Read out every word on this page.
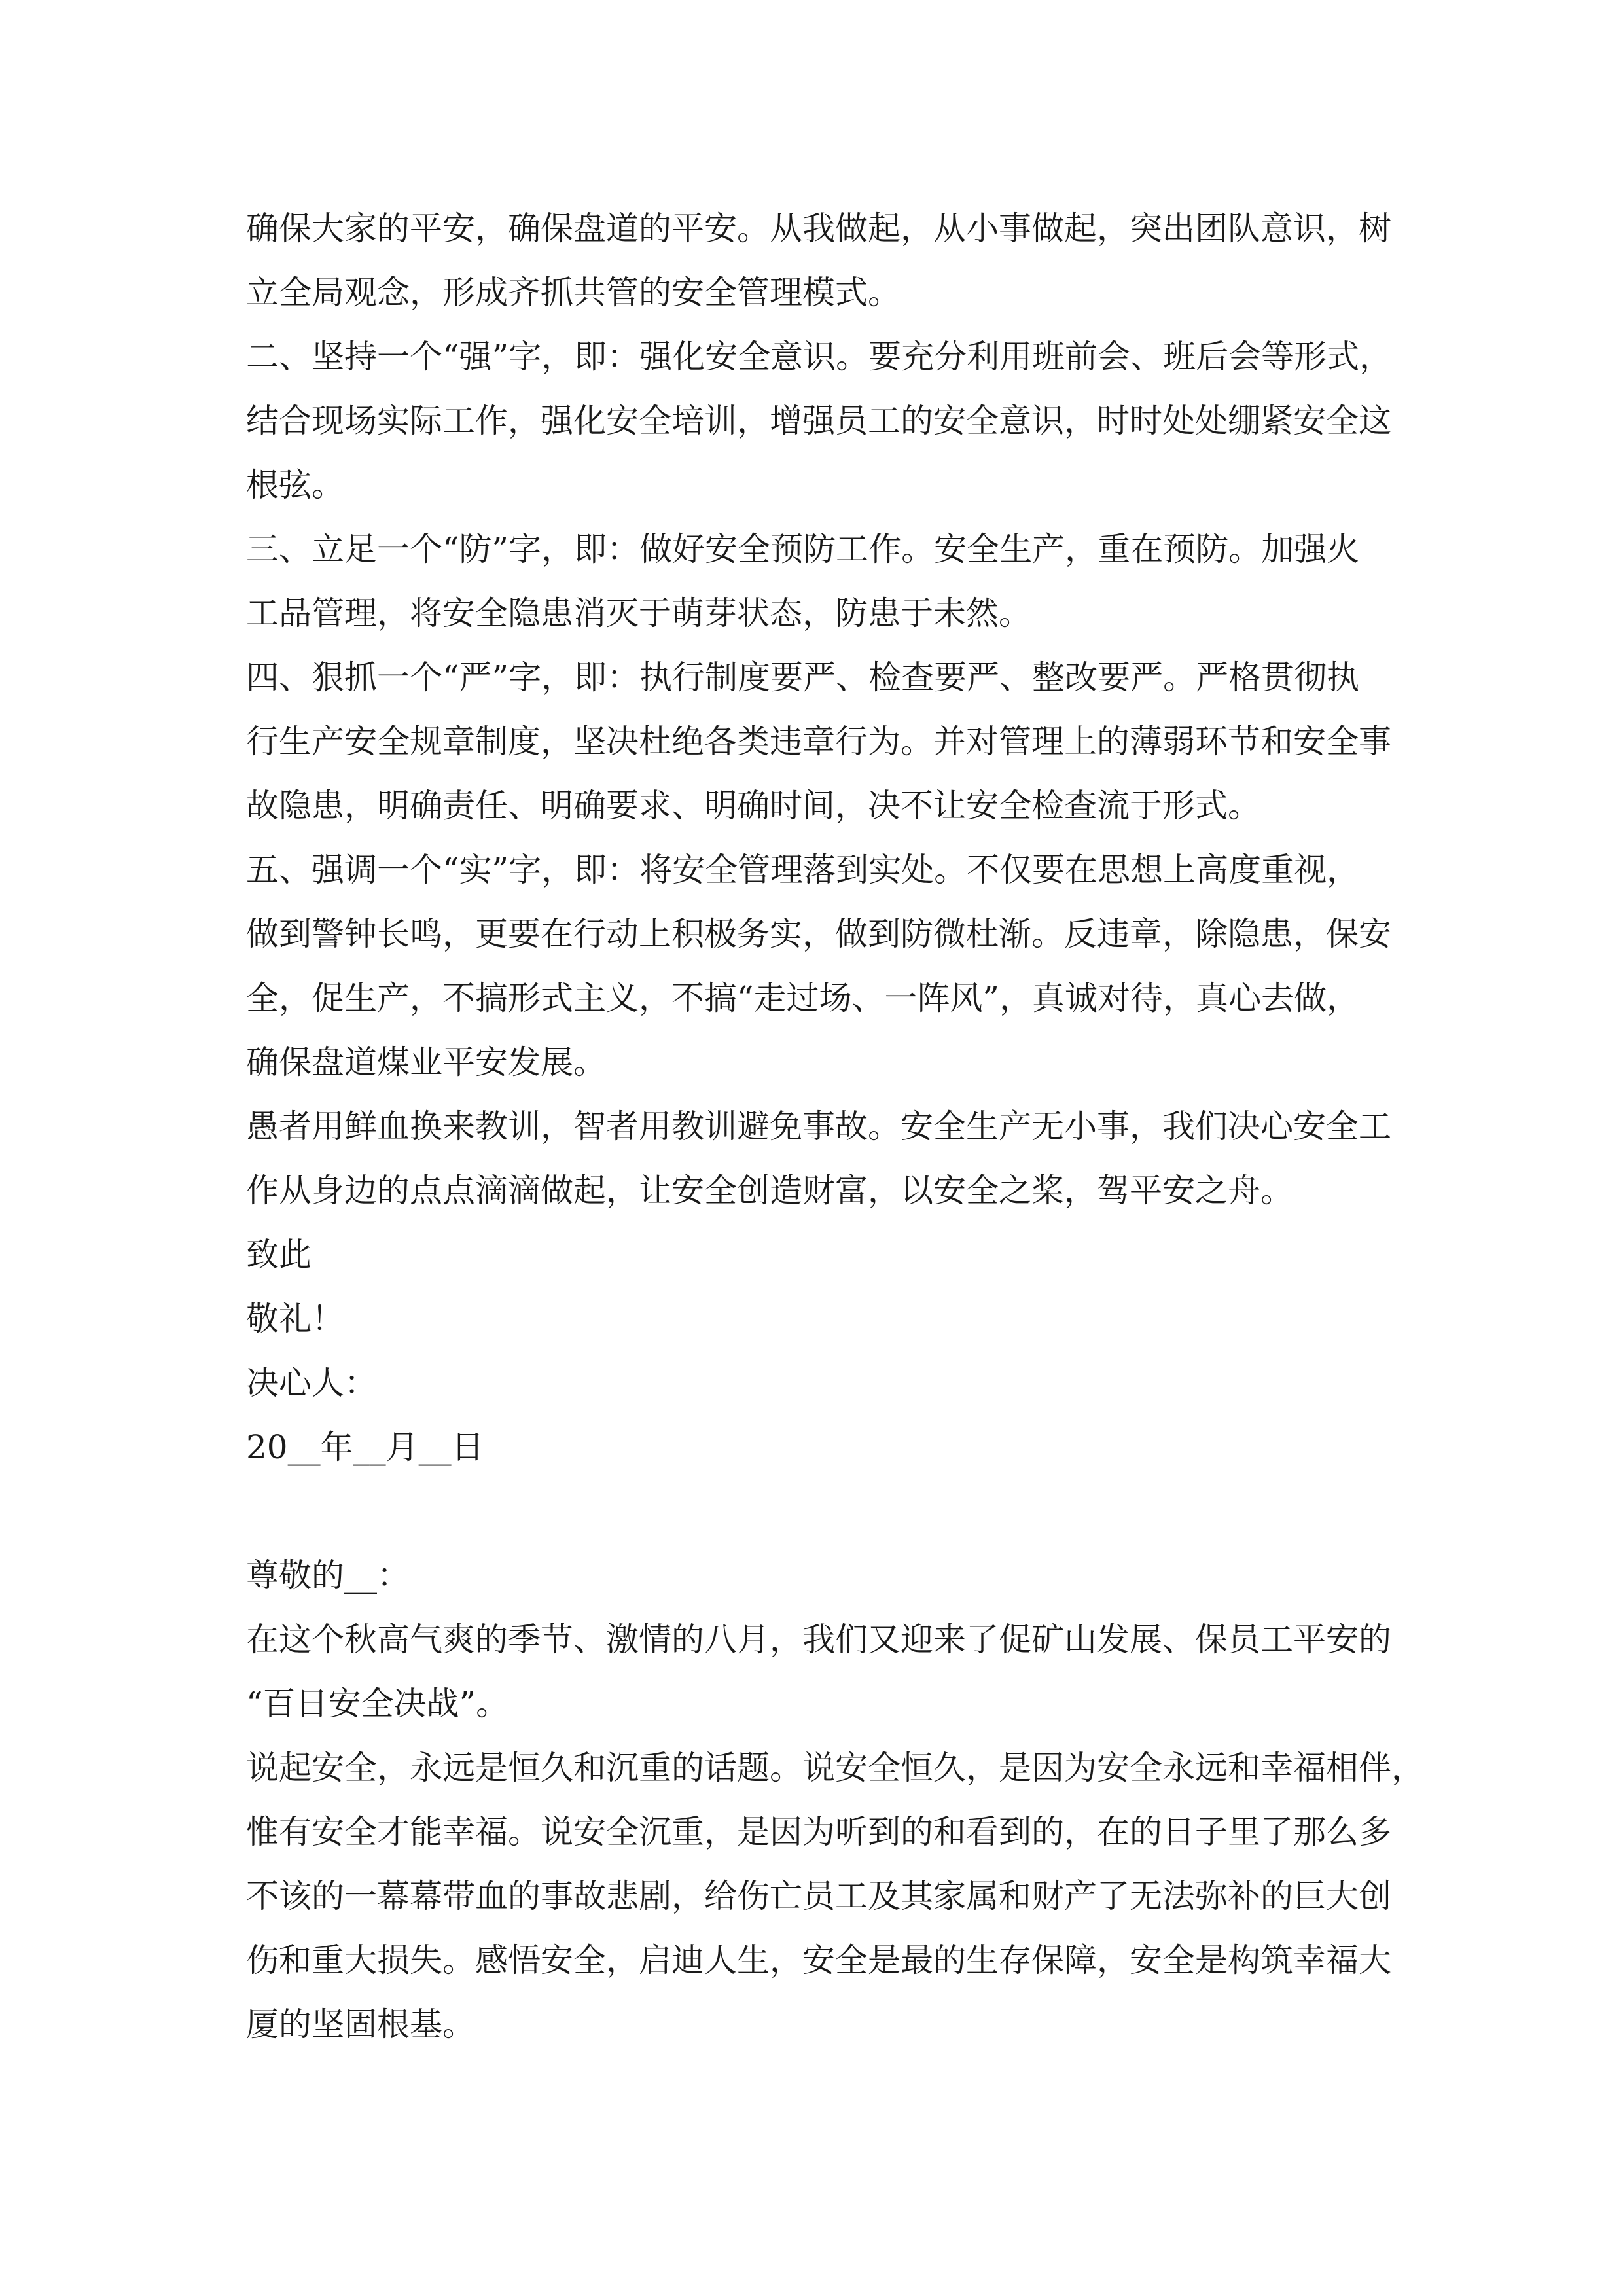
确保大家的平安，确保盘道的平安。从我做起，从小事做起，突出团队意识，树

立全局观念，形成齐抓共管的安全管理模式。

二、坚持一个“强”字，即：强化安全意识。要充分利用班前会、班后会等形式，

结合现场实际工作，强化安全培训，增强员工的安全意识，时时处处绷紧安全这

根弦。

三、立足一个“防”字，即：做好安全预防工作。安全生产，重在预防。加强火

工品管理，将安全隐患消灭于萌芽状态，防患于未然。

四、狠抓一个“严”字，即：执行制度要严、检查要严、整改要严。严格贯彻执

行生产安全规章制度，坚决杜绝各类违章行为。并对管理上的薄弱环节和安全事

故隐患，明确责任、明确要求、明确时间，决不让安全检查流于形式。

五、强调一个“实”字，即：将安全管理落到实处。不仅要在思想上高度重视，

做到警钟长鸣，更要在行动上积极务实，做到防微杜渐。反违章，除隐患，保安

全，促生产，不搞形式主义，不搞“走过场、一阵风”，真诚对待，真心去做，

确保盘道煤业平安发展。

愚者用鲜血换来教训，智者用教训避免事故。安全生产无小事，我们决心安全工

作从身边的点点滴滴做起，让安全创造财富，以安全之桨，驾平安之舟。

致此

敬礼！

决心人：

20__年__月__日

尊敬的__：

在这个秋高气爽的季节、激情的八月，我们又迎来了促矿山发展、保员工平安的

“百日安全决战”。

说起安全，永远是恒久和沉重的话题。说安全恒久，是因为安全永远和幸福相伴，

惟有安全才能幸福。说安全沉重，是因为听到的和看到的，在的日子里了那么多

不该的一幕幕带血的事故悲剧，给伤亡员工及其家属和财产了无法弥补的巨大创

伤和重大损失。感悟安全，启迪人生，安全是最的生存保障，安全是构筑幸福大

厦的坚固根基。
